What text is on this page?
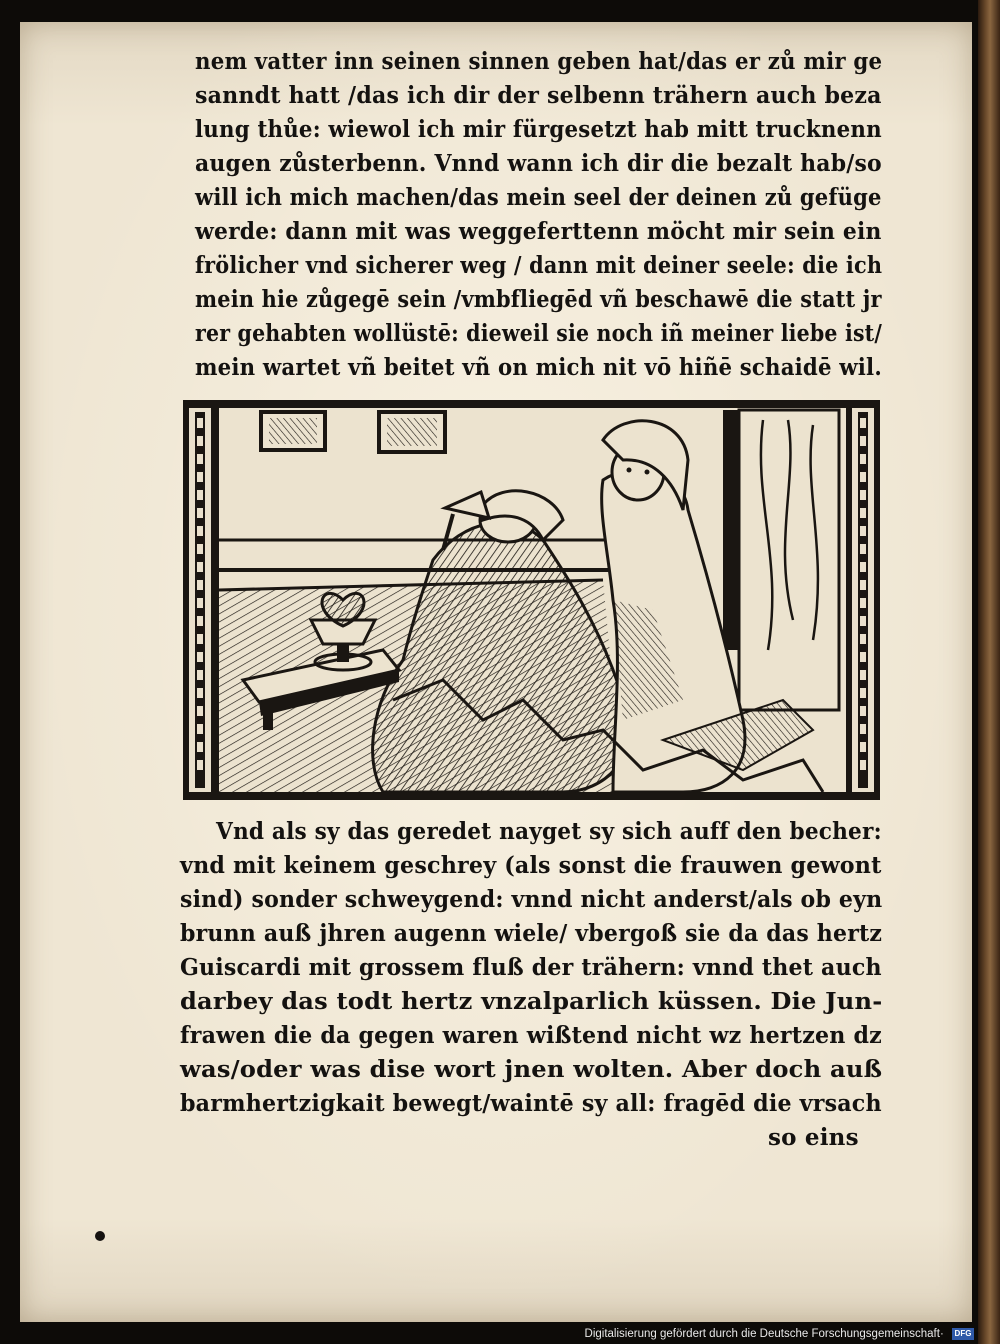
nem vatter inn seinen sinnen geben hat/das er zů mir ge
sanndt hatt /das ich dir der selbenn trähern auch beza
lung thůe: wiewol ich mir fürgesetzt hab mitt trucknenn
augen zůsterbenn. Vnnd wann ich dir die bezalt hab/so
will ich mich machen/das mein seel der deinen zů gefüge
werde: dann mit was weggeferttenn möcht mir sein ein
frölicher vnd sicherer weg / dann mit deiner seele: die ich
mein hie zůgegē sein /vmbfliegēd vñ beschawē die statt jr
rer gehabten wollüstē: dieweil sie noch iñ meiner liebe ist/
mein wartet vñ beitet vñ on mich nit vō hiñē schaidē wil.
Vnd als sy das geredet nayget sy sich auff den becher:
vnd mit keinem geschrey (als sonst die frauwen gewont
sind) sonder schweygend: vnnd nicht anderst/als ob eyn
brunn auß jhren augenn wiele/ vbergoß sie da das hertz
Guiscardi mit grossem fluß der trähern: vnnd thet auch
darbey das todt hertz vnzalparlich küssen. Die Jun-
frawen die da gegen waren wißtend nicht wz hertzen dz
was/oder was dise wort jnen wolten. Aber doch auß
barmhertzigkait bewegt/waintē sy all: fragēd die vrsach
so eins
Digitalisierung gefördert durch die Deutsche Forschungsgemeinschaft· DFG
